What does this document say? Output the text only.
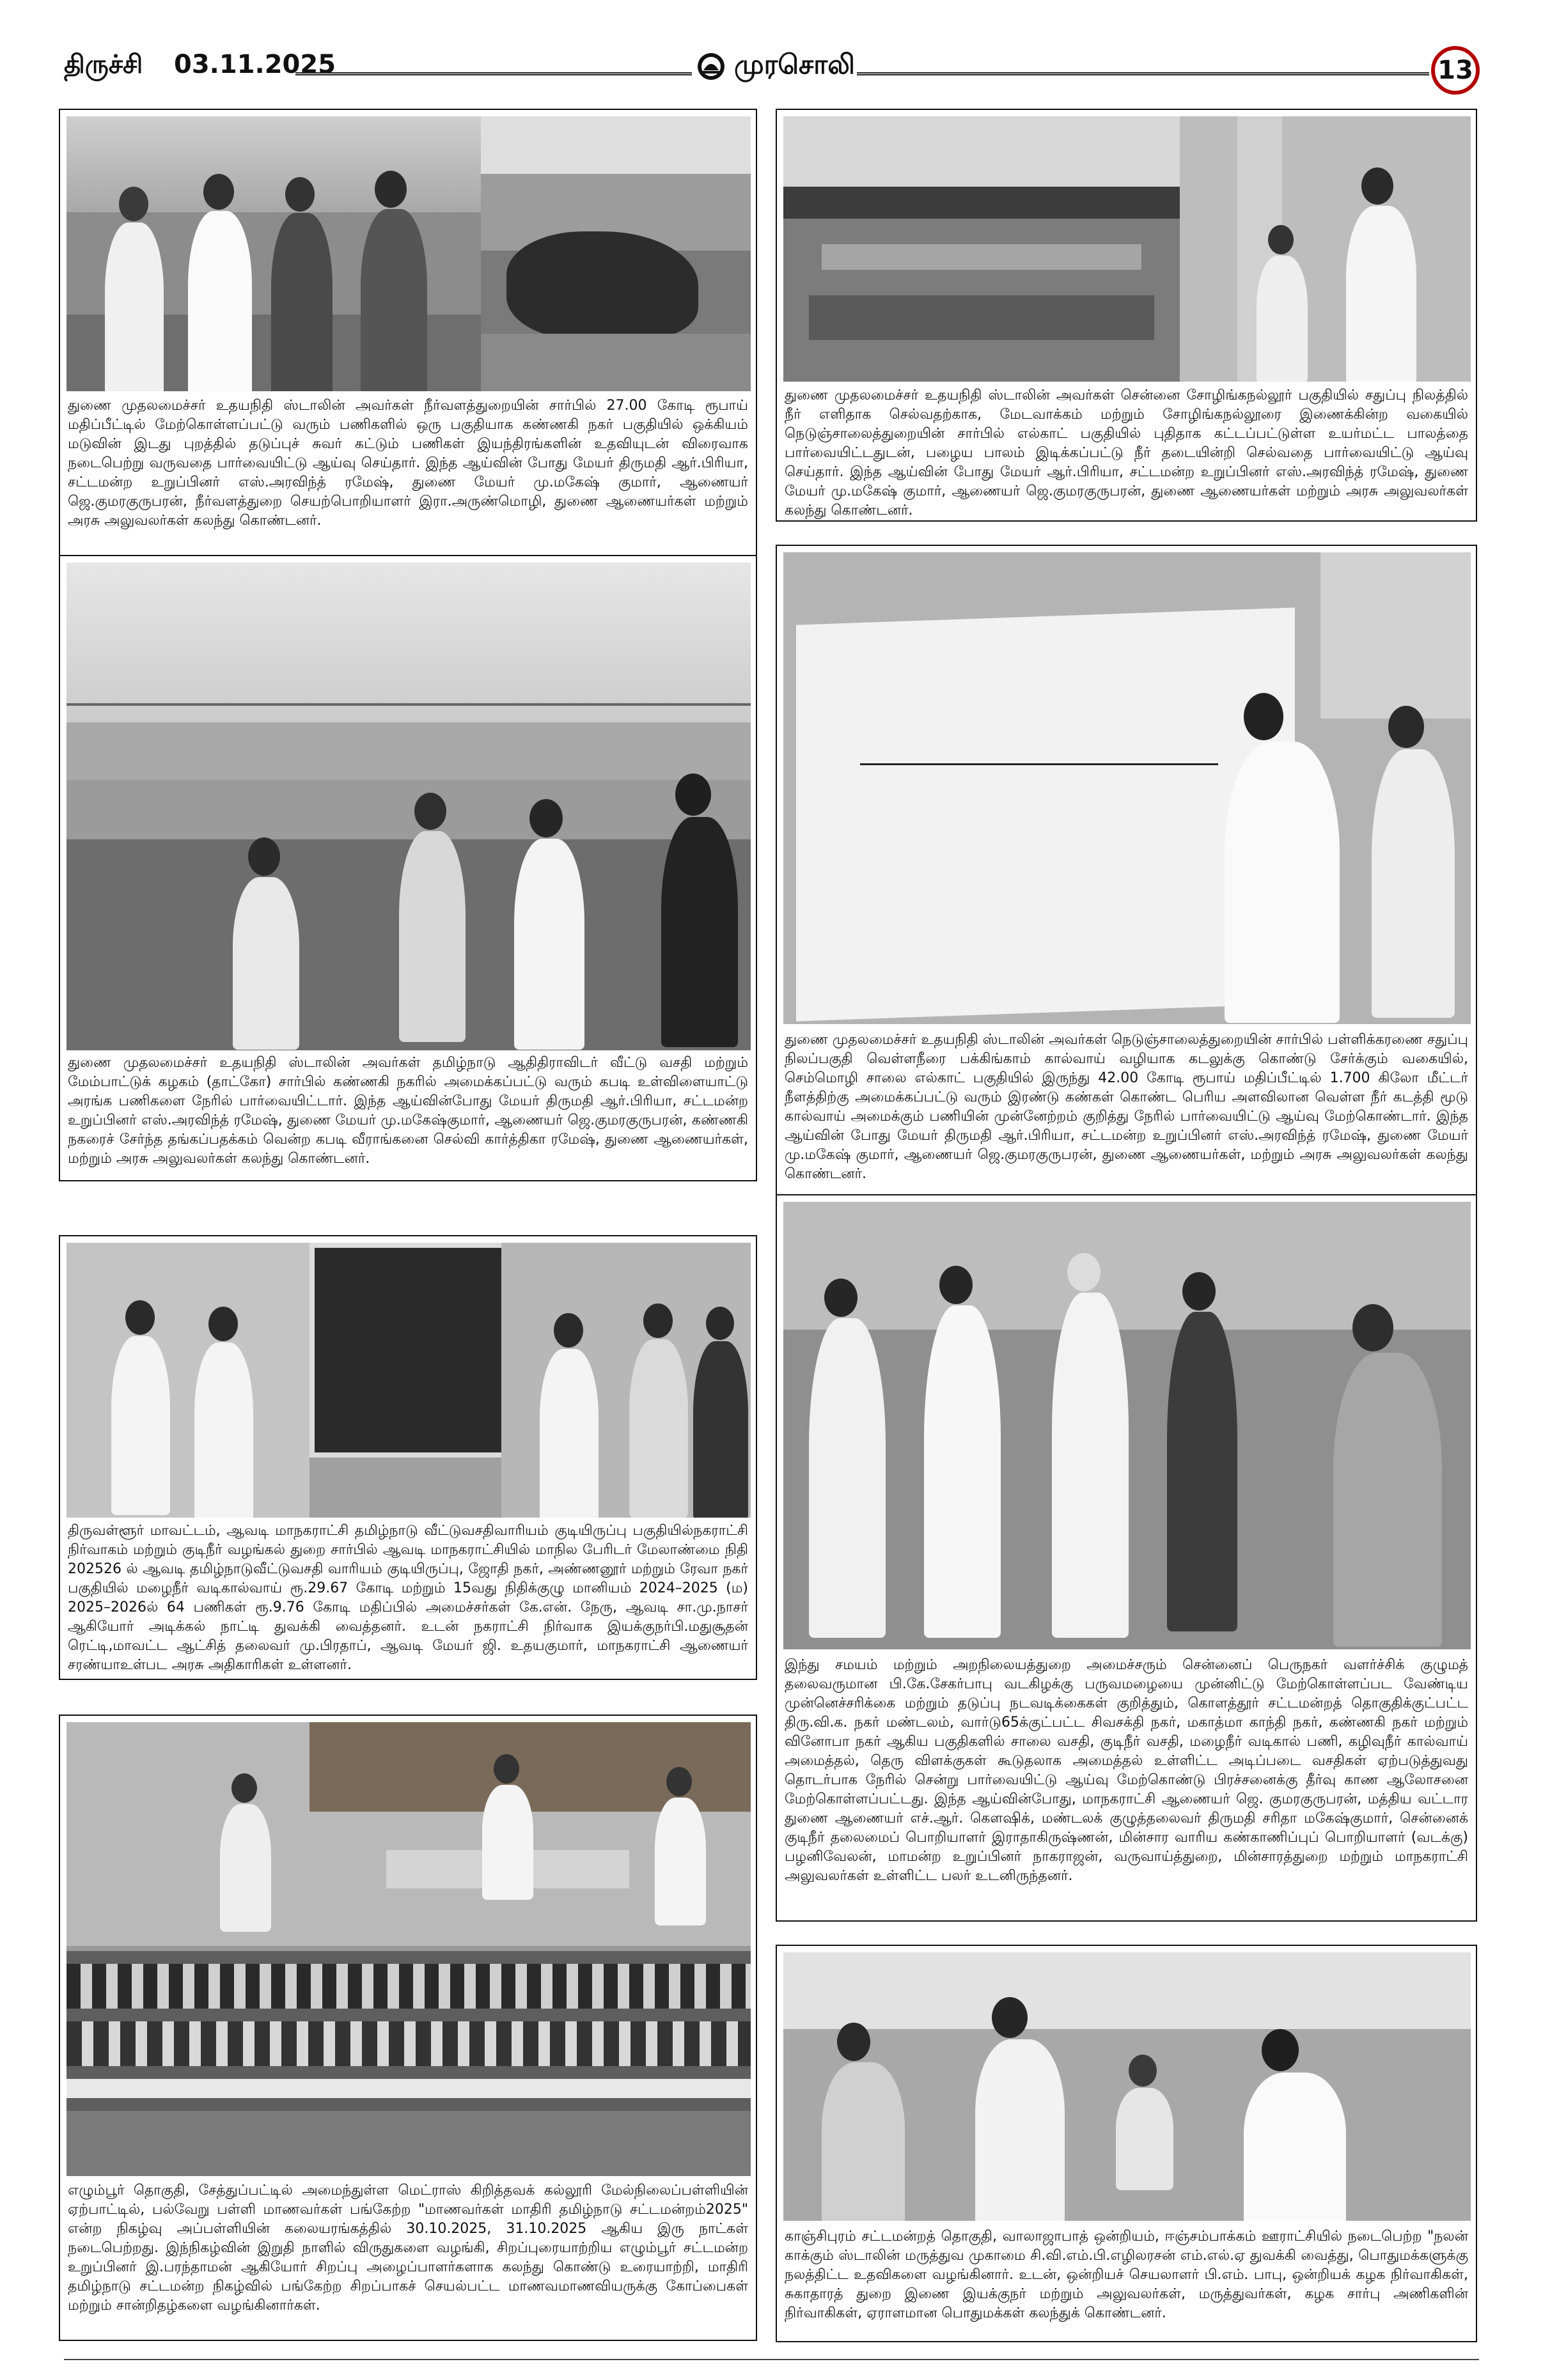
திருச்சி 03.11.2025	முரசொலி	13
துணை முதலமைச்சர் உதயநிதி ஸ்டாலின் அவர்கள் நீர்வளத்துறையின் சார்பில் 27.00 கோடி ரூபாய் மதிப்பீட்டில் மேற்கொள்ளப்பட்டு வரும் பணிகளில் ஒரு பகுதியாக கண்ணகி நகர் பகுதியில் ஒக்கியம் மடுவின் இடது புறத்தில் தடுப்புச் சுவர் கட்டும் பணிகள் இயந்திரங்களின் உதவியுடன் விரைவாக நடைபெற்று வருவதை பார்வையிட்டு ஆய்வு செய்தார். இந்த ஆய்வின் போது மேயர் திருமதி ஆர்.பிரியா, சட்டமன்ற உறுப்பினர் எஸ்.அரவிந்த் ரமேஷ், துணை மேயர் மு.மகேஷ் குமார், ஆணையர் ஜெ.குமரகுருபரன், நீர்வளத்துறை செயற்பொறியாளர் இரா.அருண்மொழி, துணை ஆணையர்கள் மற்றும் அரசு அலுவலர்கள் கலந்து கொண்டனர்.
துணை முதலமைச்சர் உதயநிதி ஸ்டாலின் அவர்கள் சென்னை சோழிங்கநல்லூர் பகுதியில் சதுப்பு நிலத்தில் நீர் எளிதாக செல்வதற்காக, மேடவாக்கம் மற்றும் சோழிங்கநல்லூரை இணைக்கின்ற வகையில் நெடுஞ்சாலைத்துறையின் சார்பில் எல்காட் பகுதியில் புதிதாக கட்டப்பட்டுள்ள உயர்மட்ட பாலத்தை பார்வையிட்டதுடன், பழைய பாலம் இடிக்கப்பட்டு நீர் தடையின்றி செல்வதை பார்வையிட்டு ஆய்வு செய்தார். இந்த ஆய்வின் போது மேயர் ஆர்.பிரியா, சட்டமன்ற உறுப்பினர் எஸ்.அரவிந்த் ரமேஷ், துணை மேயர் மு.மகேஷ் குமார், ஆணையர் ஜெ.குமரகுருபரன், துணை ஆணையர்கள் மற்றும் அரசு அலுவலர்கள் கலந்து கொண்டனர்.
துணை முதலமைச்சர் உதயநிதி ஸ்டாலின் அவர்கள் தமிழ்நாடு ஆதிதிராவிடர் வீட்டு வசதி மற்றும் மேம்பாட்டுக் கழகம் (தாட்கோ) சார்பில் கண்ணகி நகரில் அமைக்கப்பட்டு வரும் கபடி உள்விளையாட்டு அரங்க பணிகளை நேரில் பார்வையிட்டார். இந்த ஆய்வின்போது மேயர் திருமதி ஆர்.பிரியா, சட்டமன்ற உறுப்பினர் எஸ்.அரவிந்த் ரமேஷ், துணை மேயர் மு.மகேஷ்குமார், ஆணையர் ஜெ.குமரகுருபரன், கண்ணகி நகரைச் சேர்ந்த தங்கப்பதக்கம் வென்ற கபடி வீராங்கனை செல்வி கார்த்திகா ரமேஷ், துணை ஆணையர்கள், மற்றும் அரசு அலுவலர்கள் கலந்து கொண்டனர்.
துணை முதலமைச்சர் உதயநிதி ஸ்டாலின் அவர்கள் நெடுஞ்சாலைத்துறையின் சார்பில் பள்ளிக்கரணை சதுப்பு நிலப்பகுதி வெள்ளநீரை பக்கிங்காம் கால்வாய் வழியாக கடலுக்கு கொண்டு சேர்க்கும் வகையில், செம்மொழி சாலை எல்காட் பகுதியில் இருந்து 42.00 கோடி ரூபாய் மதிப்பீட்டில் 1.700 கிலோ மீட்டர் நீளத்திற்கு அமைக்கப்பட்டு வரும் இரண்டு கண்கள் கொண்ட பெரிய அளவிலான வெள்ள நீர் கடத்தி மூடு கால்வாய் அமைக்கும் பணியின் முன்னேற்றம் குறித்து நேரில் பார்வையிட்டு ஆய்வு மேற்கொண்டார். இந்த ஆய்வின் போது மேயர் திருமதி ஆர்.பிரியா, சட்டமன்ற உறுப்பினர் எஸ்.அரவிந்த் ரமேஷ், துணை மேயர் மு.மகேஷ் குமார், ஆணையர் ஜெ.குமரகுருபரன், துணை ஆணையர்கள், மற்றும் அரசு அலுவலர்கள் கலந்து கொண்டனர்.
திருவள்ளூர் மாவட்டம், ஆவடி மாநகராட்சி தமிழ்நாடு வீட்டுவசதிவாரியம் குடியிருப்பு பகுதியில்நகராட்சி நிர்வாகம் மற்றும் குடிநீர் வழங்கல் துறை சார்பில் ஆவடி மாநகராட்சியில் மாநில பேரிடர் மேலாண்மை நிதி 202526 ல் ஆவடி தமிழ்நாடுவீட்டுவசதி வாரியம் குடியிருப்பு, ஜோதி நகர், அண்ணனூர் மற்றும் ரேவா நகர் பகுதியில் மழைநீர் வடிகால்வாய் ரூ.29.67 கோடி மற்றும் 15வது நிதிக்குழு மானியம் 2024–2025 (ம) 2025–2026ல் 64 பணிகள் ரூ.9.76 கோடி மதிப்பில் அமைச்சர்கள் கே.என். நேரு, ஆவடி சா.மு.நாசர் ஆகியோர் அடிக்கல் நாட்டி துவக்கி வைத்தனர். உடன் நகராட்சி நிர்வாக இயக்குநர்பி.மதுசூதன் ரெட்டி,மாவட்ட ஆட்சித் தலைவர் மு.பிரதாப், ஆவடி மேயர் ஜி. உதயகுமார், மாநகராட்சி ஆணையர் சரண்யாஉள்பட அரசு அதிகாரிகள் உள்ளனர்.	இந்து சமயம் மற்றும் அறநிலையத்துறை அமைச்சரும் சென்னைப் பெருநகர் வளர்ச்சிக் குழுமத் தலைவருமான பி.கே.சேகர்பாபு வடகிழக்கு பருவமழையை முன்னிட்டு மேற்கொள்ளப்பட வேண்டிய முன்னெச்சரிக்கை மற்றும் தடுப்பு நடவடிக்கைகள் குறித்தும், கொளத்தூர் சட்டமன்றத் தொகுதிக்குட்பட்ட திரு.வி.க. நகர் மண்டலம், வார்டு65க்குட்பட்ட சிவசக்தி நகர், மகாத்மா காந்தி நகர், கண்ணகி நகர் மற்றும் வினோபா நகர் ஆகிய பகுதிகளில் சாலை வசதி, குடிநீர் வசதி, மழைநீர் வடிகால் பணி, கழிவுநீர் கால்வாய் அமைத்தல், தெரு விளக்குகள் கூடுதலாக அமைத்தல் உள்ளிட்ட அடிப்படை வசதிகள் ஏற்படுத்துவது தொடர்பாக நேரில் சென்று பார்வையிட்டு ஆய்வு மேற்கொண்டு பிரச்சனைக்கு தீர்வு காண ஆலோசனை மேற்கொள்ளப்பட்டது. இந்த ஆய்வின்போது, மாநகராட்சி ஆணையர் ஜெ. குமரகுருபரன், மத்திய வட்டார துணை ஆணையர் எச்.ஆர். கௌஷிக், மண்டலக் குழுத்தலைவர் திருமதி சரிதா மகேஷ்குமார், சென்னைக் குடிநீர் தலைமைப் பொறியாளர் இராதாகிருஷ்ணன், மின்சார வாரிய கண்காணிப்புப் பொறியாளர் (வடக்கு) பழனிவேலன், மாமன்ற உறுப்பினர் நாகராஜன், வருவாய்த்துறை, மின்சாரத்துறை மற்றும் மாநகராட்சி அலுவலர்கள் உள்ளிட்ட பலர் உடனிருந்தனர்.
எழும்பூர் தொகுதி, சேத்துப்பட்டில் அமைந்துள்ள மெட்ராஸ் கிறித்தவக் கல்லூரி மேல்நிலைப்பள்ளியின் ஏற்பாட்டில், பல்வேறு பள்ளி மாணவர்கள் பங்கேற்ற "மாணவர்கள் மாதிரி தமிழ்நாடு சட்டமன்றம்2025" என்ற நிகழ்வு அப்பள்ளியின் கலையரங்கத்தில் 30.10.2025, 31.10.2025 ஆகிய இரு நாட்கள் நடைபெற்றது. இந்நிகழ்வின் இறுதி நாளில் விருதுகளை வழங்கி, சிறப்புரையாற்றிய எழும்பூர் சட்டமன்ற உறுப்பினர் இ.பரந்தாமன் ஆகியோர் சிறப்பு அழைப்பாளர்களாக கலந்து கொண்டு உரையாற்றி, மாதிரி தமிழ்நாடு சட்டமன்ற நிகழ்வில் பங்கேற்ற சிறப்பாகச் செயல்பட்ட மாணவமாணவியருக்கு கோப்பைகள் மற்றும் சான்றிதழ்களை வழங்கினார்கள்.
காஞ்சிபுரம் சட்டமன்றத் தொகுதி, வாலாஜாபாத் ஒன்றியம், ஈஞ்சம்பாக்கம் ஊராட்சியில் நடைபெற்ற "நலன் காக்கும் ஸ்டாலின் மருத்துவ முகாமை சி.வி.எம்.பி.எழிலரசன் எம்.எல்.ஏ துவக்கி வைத்து, பொதுமக்களுக்கு நலத்திட்ட உதவிகளை வழங்கினார். உடன், ஒன்றியச் செயலாளர் பி.எம். பாபு, ஒன்றியக் கழக நிர்வாகிகள், சுகாதாரத் துறை இணை இயக்குநர் மற்றும் அலுவலர்கள், மருத்துவர்கள், கழக சார்பு அணிகளின் நிர்வாகிகள், ஏராளமான பொதுமக்கள் கலந்துக் கொண்டனர்.
